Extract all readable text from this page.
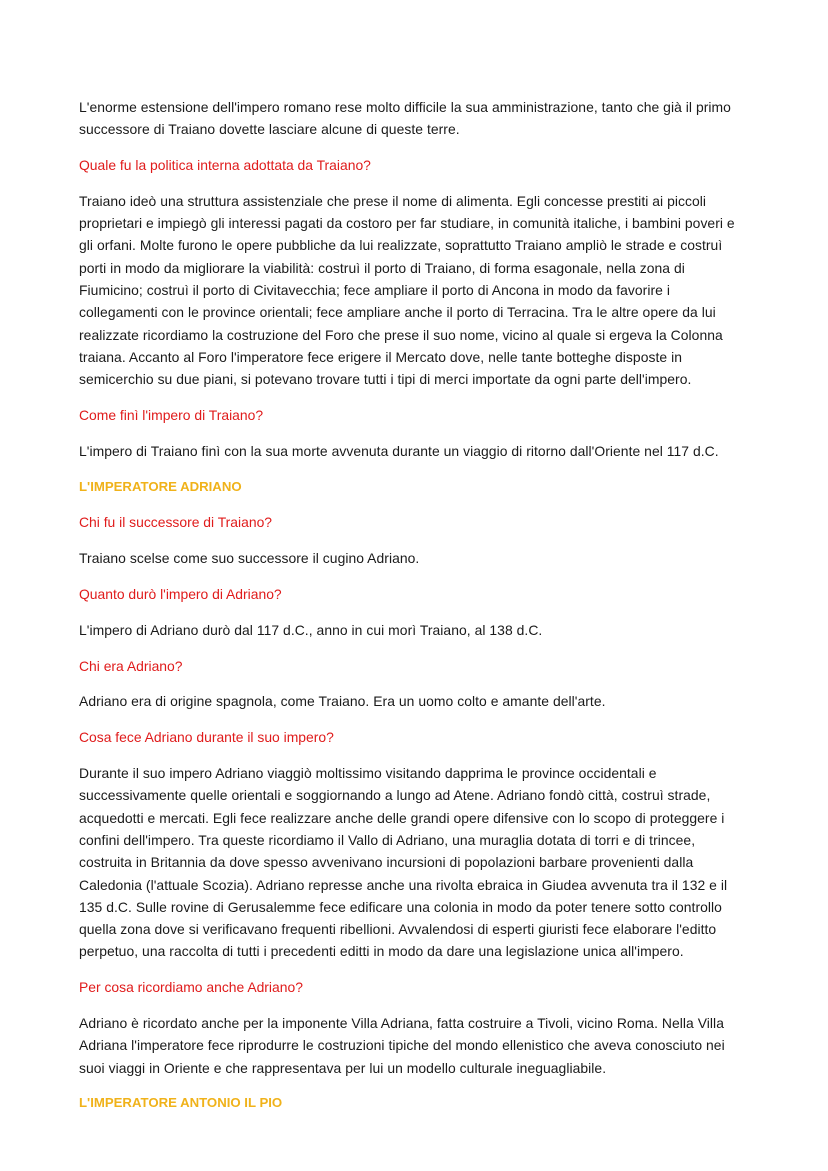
L'enorme estensione dell'impero romano rese molto difficile la sua amministrazione, tanto che già il primo successore di Traiano dovette lasciare alcune di queste terre.

Quale fu la politica interna adottata da Traiano?

Traiano ideò una struttura assistenziale che prese il nome di alimenta. Egli concesse prestiti ai piccoli proprietari e impiegò gli interessi pagati da costoro per far studiare, in comunità italiche, i bambini poveri e gli orfani. Molte furono le opere pubbliche da lui realizzate, soprattutto Traiano ampliò le strade e costruì porti in modo da migliorare la viabilità: costruì il porto di Traiano, di forma esagonale, nella zona di Fiumicino; costruì il porto di Civitavecchia; fece ampliare il porto di Ancona in modo da favorire i collegamenti con le province orientali; fece ampliare anche il porto di Terracina. Tra le altre opere da lui realizzate ricordiamo la costruzione del Foro che prese il suo nome, vicino al quale si ergeva la Colonna traiana. Accanto al Foro l'imperatore fece erigere il Mercato dove, nelle tante botteghe disposte in semicerchio su due piani, si potevano trovare tutti i tipi di merci importate da ogni parte dell'impero.

Come finì l'impero di Traiano?

L'impero di Traiano finì con la sua morte avvenuta durante un viaggio di ritorno dall'Oriente nel 117 d.C.

L'IMPERATORE ADRIANO

Chi fu il successore di Traiano?

Traiano scelse come suo successore il cugino Adriano.

Quanto durò l'impero di Adriano?

L'impero di Adriano durò dal 117 d.C., anno in cui morì Traiano, al 138 d.C.

Chi era Adriano?

Adriano era di origine spagnola, come Traiano. Era un uomo colto e amante dell'arte.

Cosa fece Adriano durante il suo impero?

Durante il suo impero Adriano viaggiò moltissimo visitando dapprima le province occidentali e successivamente quelle orientali e soggiornando a lungo ad Atene. Adriano fondò città, costruì strade, acquedotti e mercati. Egli fece realizzare anche delle grandi opere difensive con lo scopo di proteggere i confini dell'impero. Tra queste ricordiamo il Vallo di Adriano, una muraglia dotata di torri e di trincee, costruita in Britannia da dove spesso avvenivano incursioni di popolazioni barbare provenienti dalla Caledonia (l'attuale Scozia). Adriano represse anche una rivolta ebraica in Giudea avvenuta tra il 132 e il 135 d.C. Sulle rovine di Gerusalemme fece edificare una colonia in modo da poter tenere sotto controllo quella zona dove si verificavano frequenti ribellioni. Avvalendosi di esperti giuristi fece elaborare l'editto perpetuo, una raccolta di tutti i precedenti editti in modo da dare una legislazione unica all'impero.

Per cosa ricordiamo anche Adriano?

Adriano è ricordato anche per la imponente Villa Adriana, fatta costruire a Tivoli, vicino Roma. Nella Villa Adriana l'imperatore fece riprodurre le costruzioni tipiche del mondo ellenistico che aveva conosciuto nei suoi viaggi in Oriente e che rappresentava per lui un modello culturale ineguagliabile.

L'IMPERATORE ANTONIO IL PIO
